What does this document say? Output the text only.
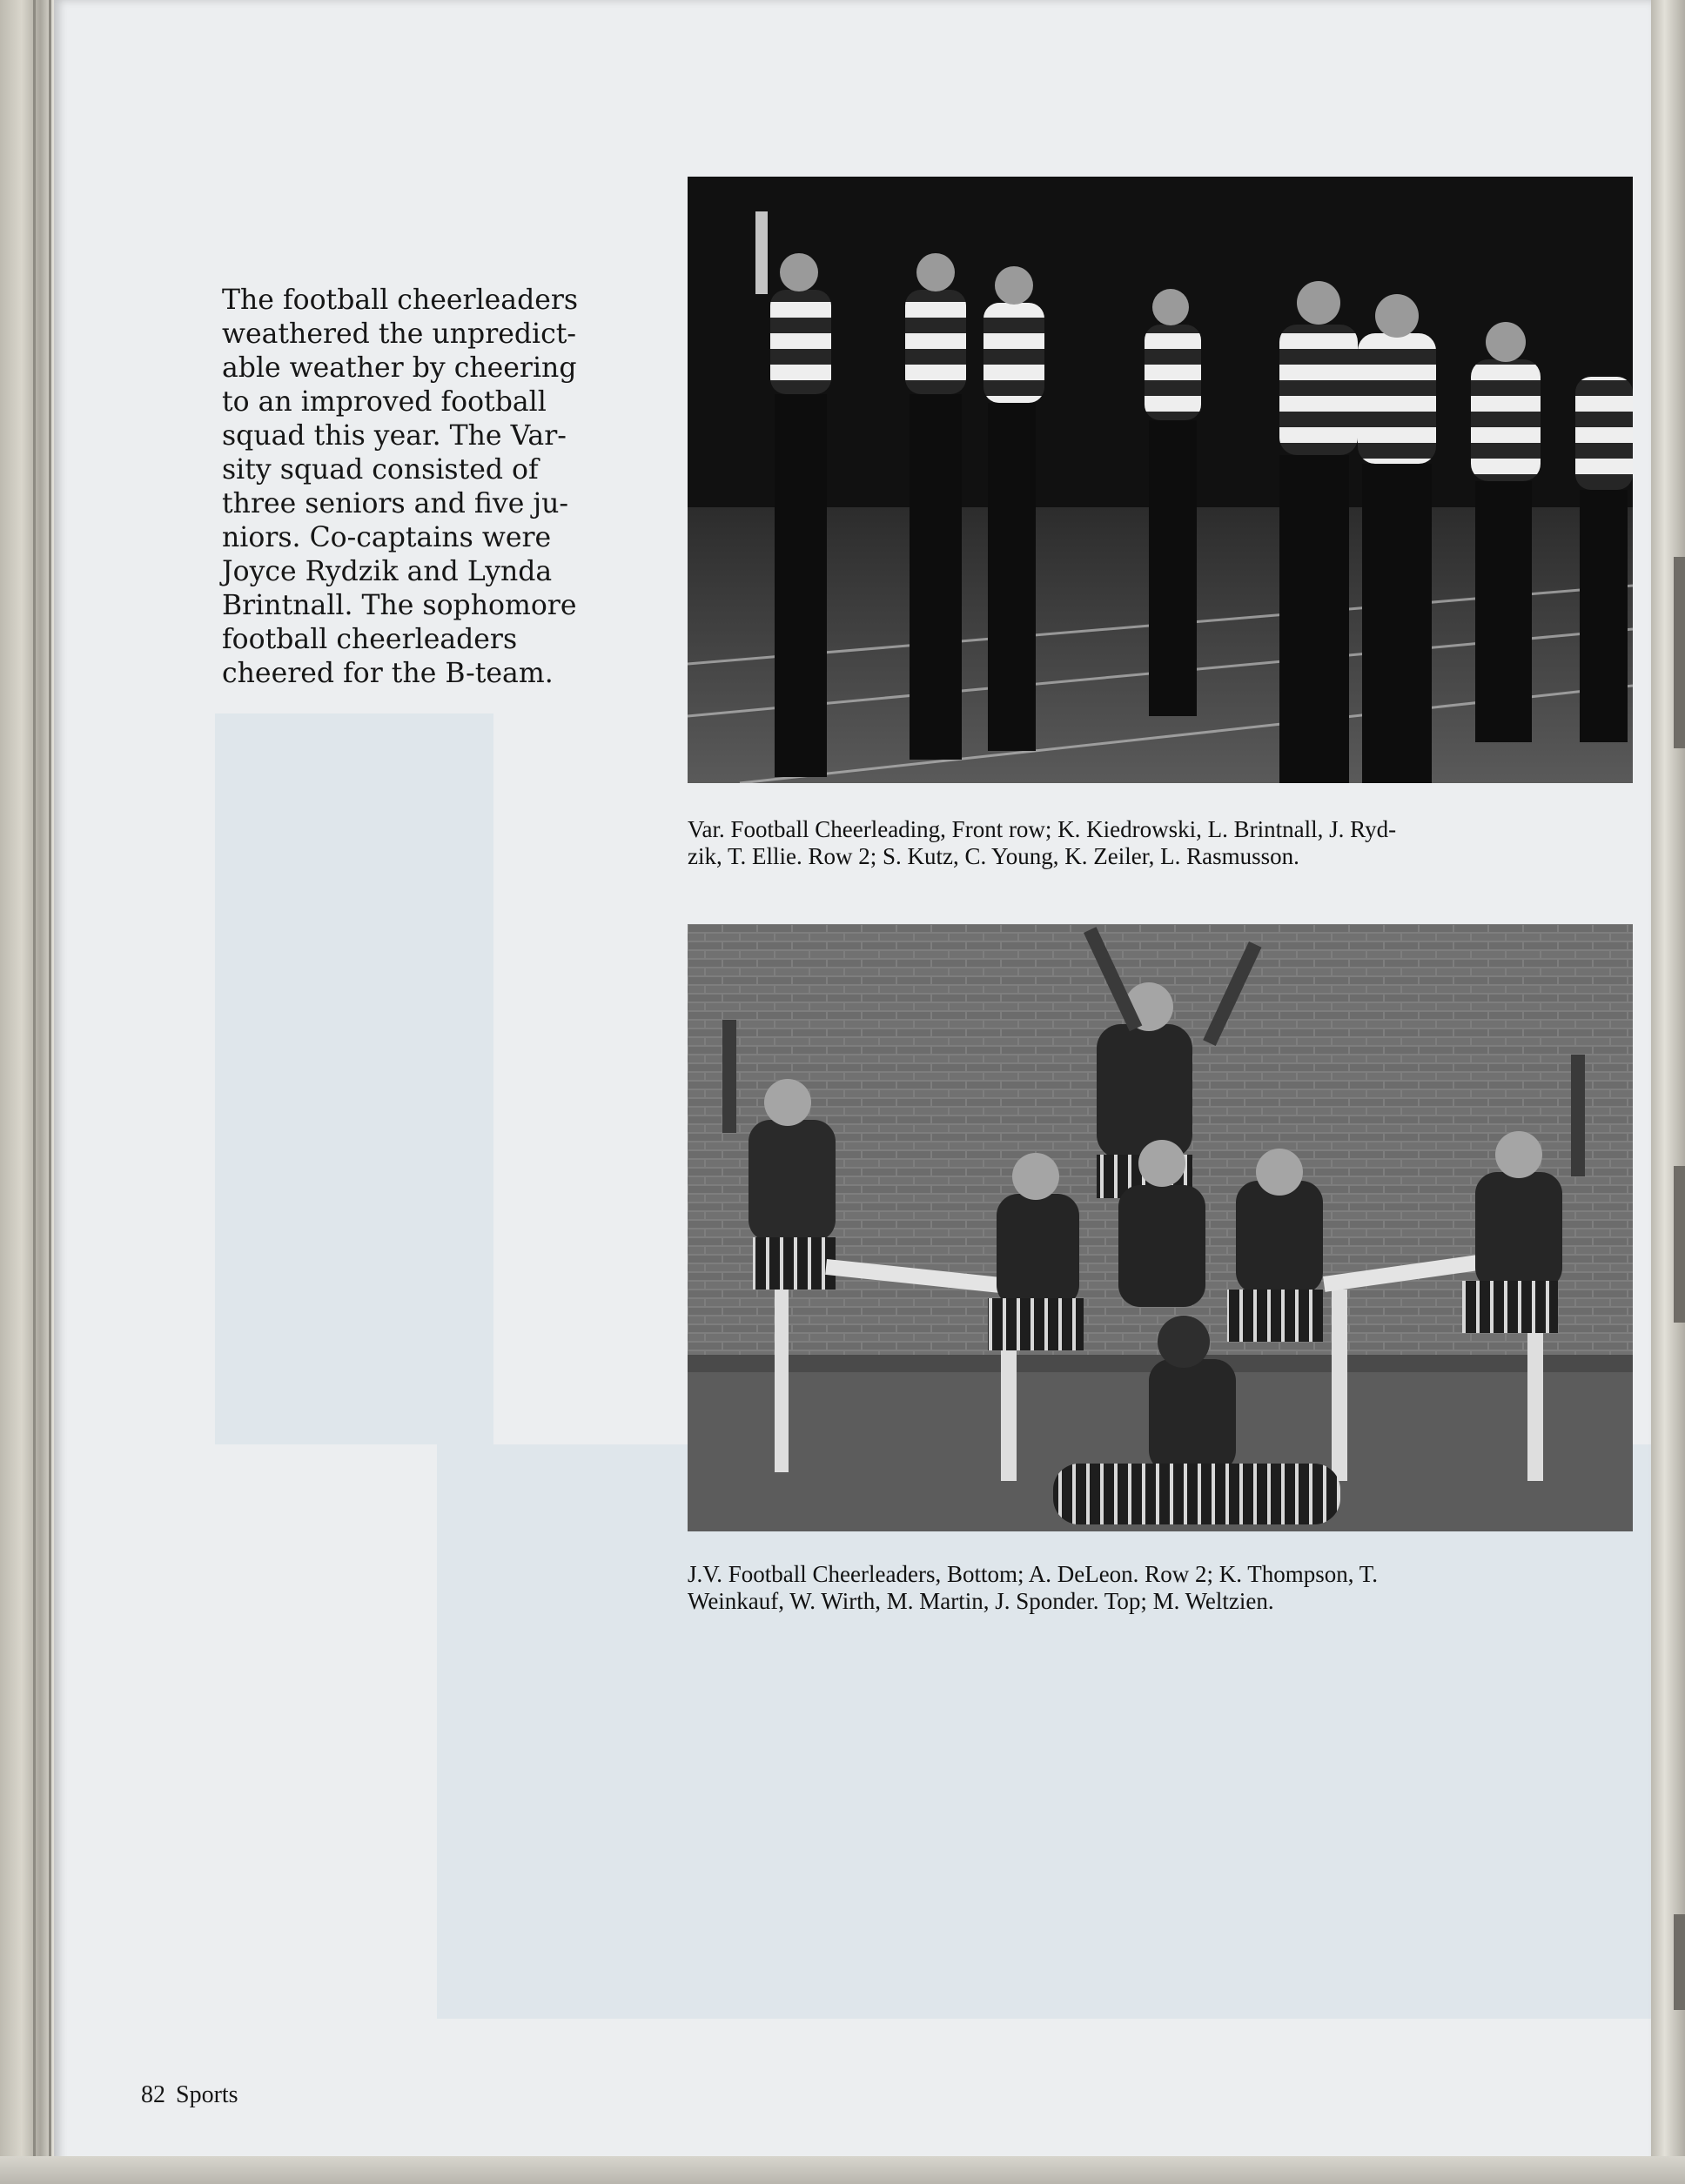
The football cheerleaders
weathered the unpredict-
able weather by cheering
to an improved football
squad this year. The Var-
sity squad consisted of
three seniors and five ju-
niors. Co-captains were
Joyce Rydzik and Lynda
Brintnall. The sophomore
football cheerleaders
cheered for the B-team.

Var. Football Cheerleading, Front row; K. Kiedrowski, L. Brintnall, J. Ryd-
zik, T. Ellie. Row 2; S. Kutz, C. Young, K. Zeiler, L. Rasmusson.

J.V. Football Cheerleaders, Bottom; A. DeLeon. Row 2; K. Thompson, T.
Weinkauf, W. Wirth, M. Martin, J. Sponder. Top; M. Weltzien.

82 Sports
